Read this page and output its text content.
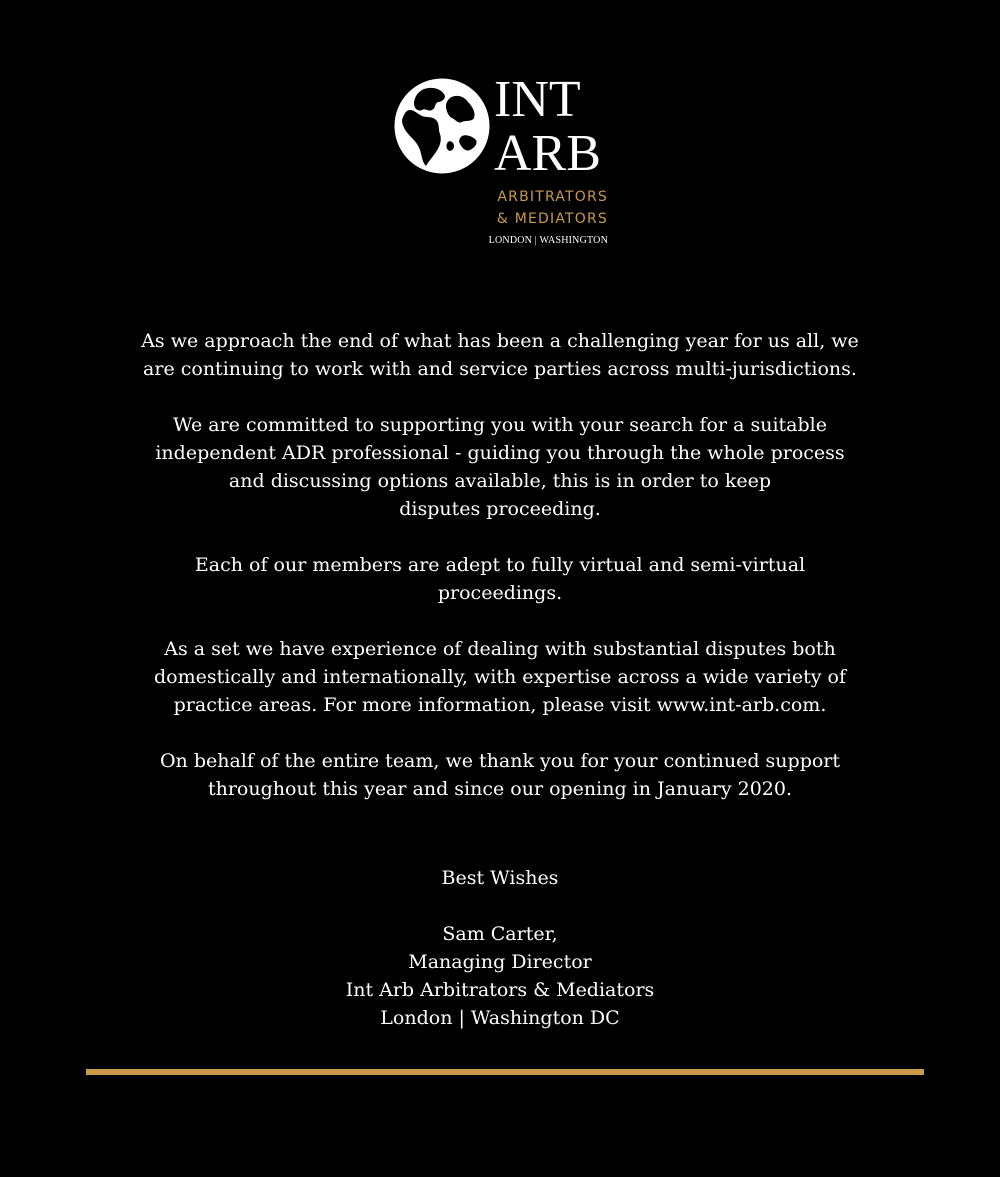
INT
ARB
ARBITRATORS
& MEDIATORS
LONDON | WASHINGTON

As we approach the end of what has been a challenging year for us all, we
are continuing to work with and service parties across multi-jurisdictions.

We are committed to supporting you with your search for a suitable
independent ADR professional - guiding you through the whole process
and discussing options available, this is in order to keep
disputes proceeding.

Each of our members are adept to fully virtual and semi-virtual
proceedings.

As a set we have experience of dealing with substantial disputes both
domestically and internationally, with expertise across a wide variety of
practice areas. For more information, please visit www.int-arb.com.

On behalf of the entire team, we thank you for your continued support
throughout this year and since our opening in January 2020.

Best Wishes
Sam Carter,
Managing Director
Int Arb Arbitrators & Mediators
London | Washington DC
